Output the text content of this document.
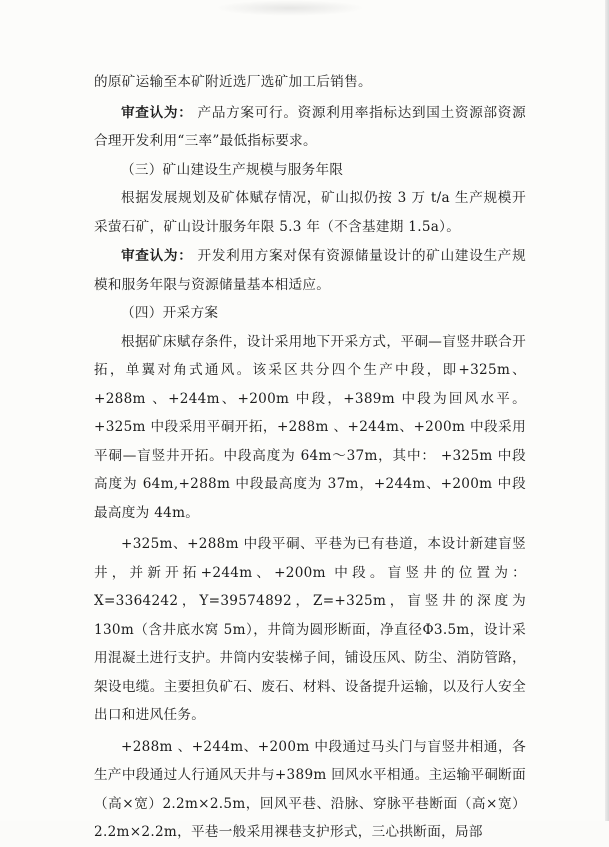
的原矿运输至本矿附近选厂选矿加工后销售。

审查认为： 产品方案可行。资源利用率指标达到国土资源部资源合理开发利用“三率”最低指标要求。

（三）矿山建设生产规模与服务年限

根据发展规划及矿体赋存情况，矿山拟仍按 3 万 t/a 生产规模开采萤石矿，矿山设计服务年限 5.3 年（不含基建期 1.5a）。

审查认为： 开发利用方案对保有资源储量设计的矿山建设生产规模和服务年限与资源储量基本相适应。

（四）开采方案

根据矿床赋存条件，设计采用地下开采方式，平硐—盲竖井联合开拓，单翼对角式通风。该采区共分四个生产中段，即+325m、+288m 、+244m、+200m 中段，+389m 中段为回风水平。+325m 中段采用平硐开拓，+288m 、+244m、+200m 中段采用平硐—盲竖井开拓。中段高度为 64m～37m，其中： +325m 中段高度为 64m,+288m 中段最高度为 37m，+244m、+200m 中段最高度为 44m。

+325m、+288m 中段平硐、平巷为已有巷道，本设计新建盲竖井，并新开拓+244m、+200m 中段。盲竖井的位置为：X=3364242，Y=39574892，Z=+325m，盲竖井的深度为 130m（含井底水窝 5m），井筒为圆形断面，净直径Φ3.5m，设计采用混凝土进行支护。井筒内安装梯子间，铺设压风、防尘、消防管路，架设电缆。主要担负矿石、废石、材料、设备提升运输，以及行人安全出口和进风任务。

+288m 、+244m、+200m 中段通过马头门与盲竖井相通，各生产中段通过人行通风天井与+389m 回风水平相通。主运输平硐断面（高×宽）2.2m×2.5m，回风平巷、沿脉、穿脉平巷断面（高×宽）2.2m×2.2m，平巷一般采用裸巷支护形式，三心拱断面，局部
